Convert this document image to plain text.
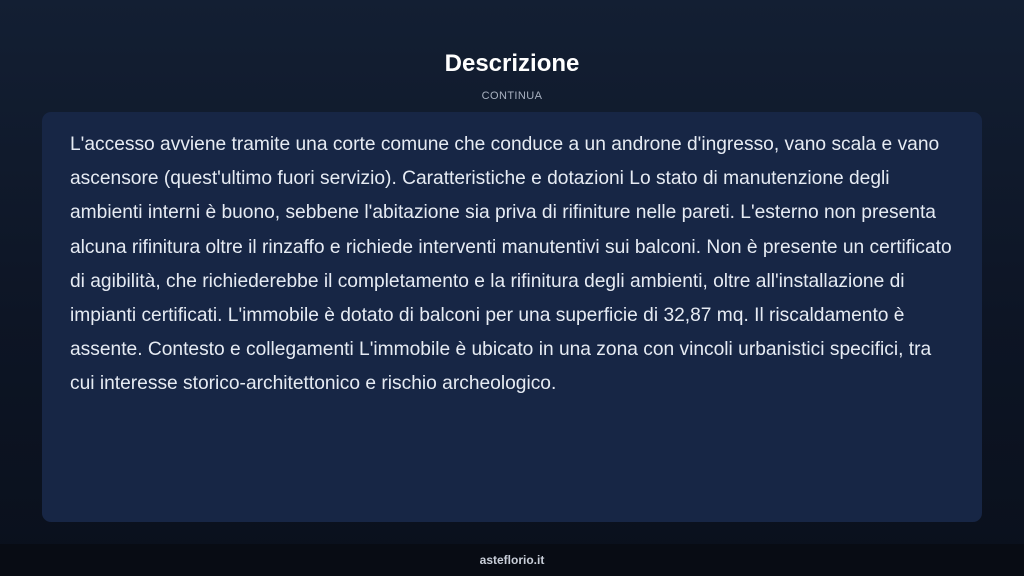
Descrizione
CONTINUA

L'accesso avviene tramite una corte comune che conduce a un androne d'ingresso, vano scala e vano ascensore (quest'ultimo fuori servizio). Caratteristiche e dotazioni Lo stato di manutenzione degli ambienti interni è buono, sebbene l'abitazione sia priva di rifiniture nelle pareti. L'esterno non presenta alcuna rifinitura oltre il rinzaffo e richiede interventi manutentivi sui balconi. Non è presente un certificato di agibilità, che richiederebbe il completamento e la rifinitura degli ambienti, oltre all'installazione di impianti certificati. L'immobile è dotato di balconi per una superficie di 32,87 mq. Il riscaldamento è assente. Contesto e collegamenti L'immobile è ubicato in una zona con vincoli urbanistici specifici, tra cui interesse storico-architettonico e rischio archeologico.

asteflorio.it
